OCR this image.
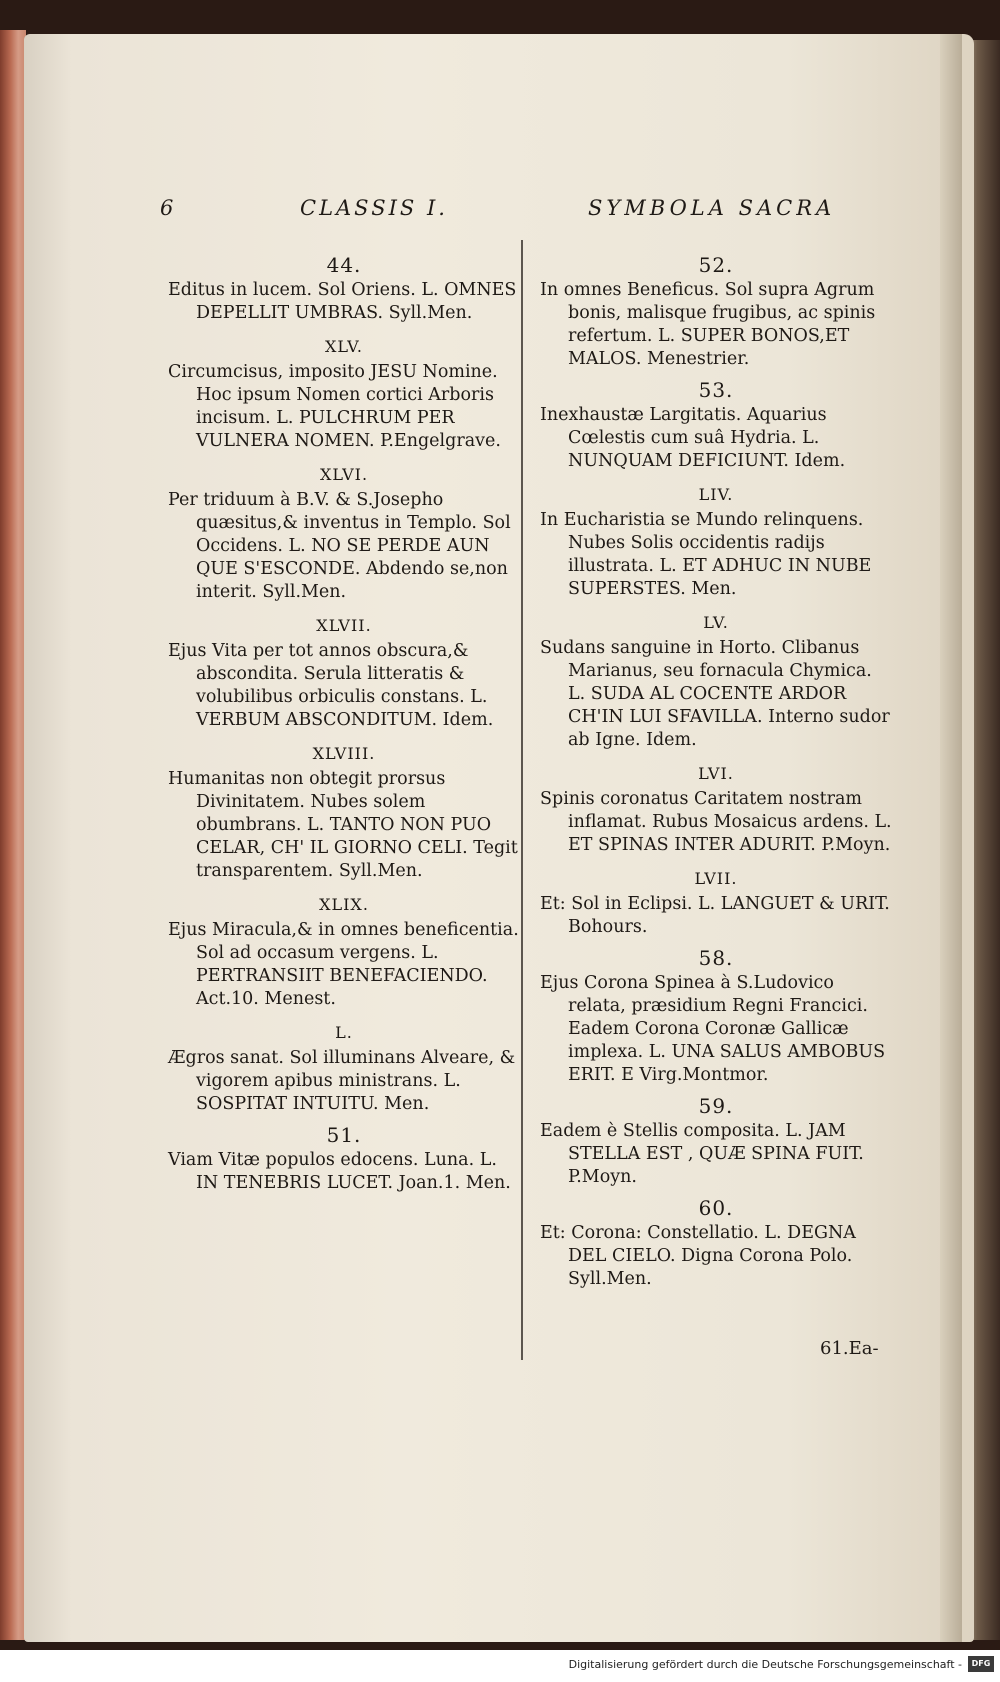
6	CLASSIS I.	SYMBOLA SACRA
44.

Editus in lucem. Sol Oriens. L. OMNES DEPELLIT UMBRAS. Syll.Men.

XLV.

Circumcisus, imposito JESU Nomine. Hoc ipsum Nomen cortici Arboris incisum. L. PULCHRUM PER VULNERA NOMEN. P.Engelgrave.

XLVI.

Per triduum à B.V. & S.Josepho quæsitus,& inventus in Templo. Sol Occidens. L. NO SE PERDE AUN QUE S'ESCONDE. Abdendo se,non interit. Syll.Men.

XLVII.

Ejus Vita per tot annos obscura,& abscondita. Serula litteratis & volubilibus orbiculis constans. L. VERBUM ABSCONDITUM. Idem.

XLVIII.

Humanitas non obtegit prorsus Divinitatem. Nubes solem obumbrans. L. TANTO NON PUO CELAR, CH' IL GIORNO CELI. Tegit transparentem. Syll.Men.

XLIX.

Ejus Miracula,& in omnes beneficentia. Sol ad occasum vergens. L. PERTRANSIIT BENEFACIENDO. Act.10. Menest.

L.

Ægros sanat. Sol illuminans Alveare, & vigorem apibus ministrans. L. SOSPITAT INTUITU. Men.

51.

Viam Vitæ populos edocens. Luna. L. IN TENEBRIS LUCET. Joan.1. Men.

52.

In omnes Beneficus. Sol supra Agrum bonis, malisque frugibus, ac spinis refertum. L. SUPER BONOS,ET MALOS. Menestrier.

53.

Inexhaustæ Largitatis. Aquarius Cœlestis cum suâ Hydria. L. NUNQUAM DEFICIUNT. Idem.

LIV.

In Eucharistia se Mundo relinquens. Nubes Solis occidentis radijs illustrata. L. ET ADHUC IN NUBE SUPERSTES. Men.

LV.

Sudans sanguine in Horto. Clibanus Marianus, seu fornacula Chymica. L. SUDA AL COCENTE ARDOR CH'IN LUI SFAVILLA. Interno sudor ab Igne. Idem.

LVI.

Spinis coronatus Caritatem nostram inflamat. Rubus Mosaicus ardens. L. ET SPINAS INTER ADURIT. P.Moyn.

LVII.

Et: Sol in Eclipsi. L. LANGUET & URIT. Bohours.

58.

Ejus Corona Spinea à S.Ludovico relata, præsidium Regni Francici. Eadem Corona Coronæ Gallicæ implexa. L. UNA SALUS AMBOBUS ERIT. E Virg.Montmor.

59.

Eadem è Stellis composita. L. JAM STELLA EST , QUÆ SPINA FUIT. P.Moyn.

60.

Et: Corona: Constellatio. L. DEGNA DEL CIELO. Digna Corona Polo. Syll.Men.

61.Ea-
Digitalisierung gefördert durch die Deutsche Forschungsgemeinschaft -	DFG
